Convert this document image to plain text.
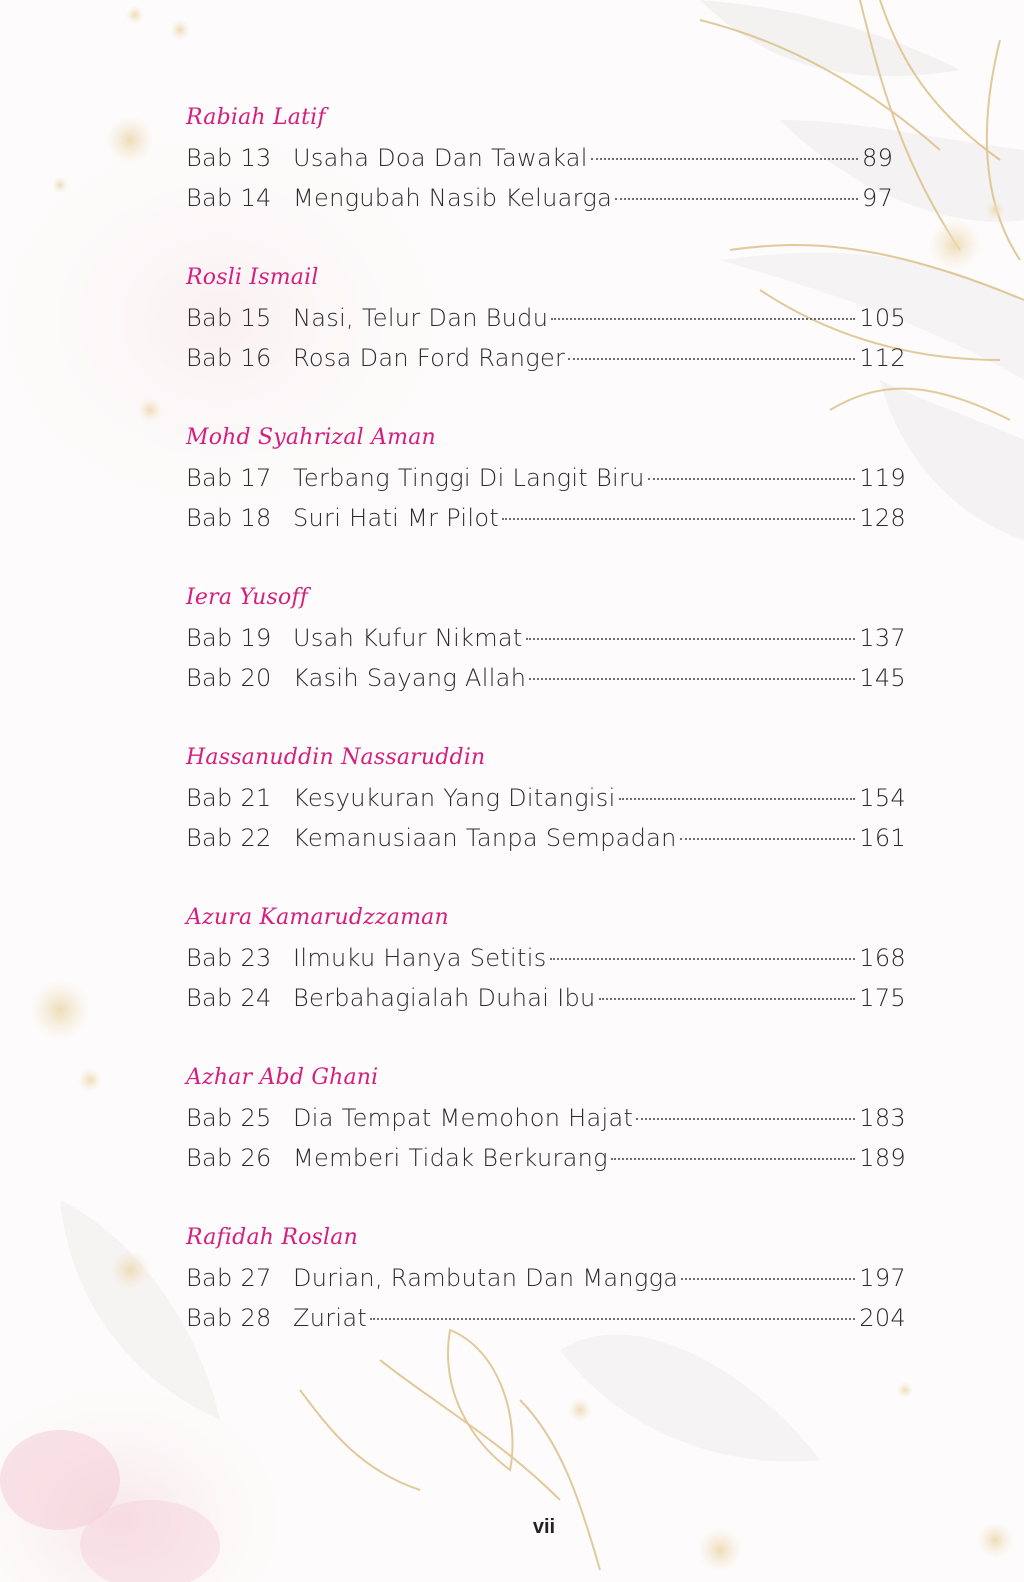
Rabiah Latif
Bab 13 Usaha Doa Dan Tawakal	89
Bab 14 Mengubah Nasib Keluarga	97
Rosli Ismail
Bab 15 Nasi, Telur Dan Budu	105
Bab 16 Rosa Dan Ford Ranger	112
Mohd Syahrizal Aman
Bab 17 Terbang Tinggi Di Langit Biru	119
Bab 18 Suri Hati Mr Pilot	128
Iera Yusoff
Bab 19 Usah Kufur Nikmat	137
Bab 20 Kasih Sayang Allah	145
Hassanuddin Nassaruddin
Bab 21 Kesyukuran Yang Ditangisi	154
Bab 22 Kemanusiaan Tanpa Sempadan	161
Azura Kamarudzzaman
Bab 23 Ilmuku Hanya Setitis	168
Bab 24 Berbahagialah Duhai Ibu	175
Azhar Abd Ghani
Bab 25 Dia Tempat Memohon Hajat	183
Bab 26 Memberi Tidak Berkurang	189
Rafidah Roslan
Bab 27 Durian, Rambutan Dan Mangga	197
Bab 28 Zuriat	204
vii
